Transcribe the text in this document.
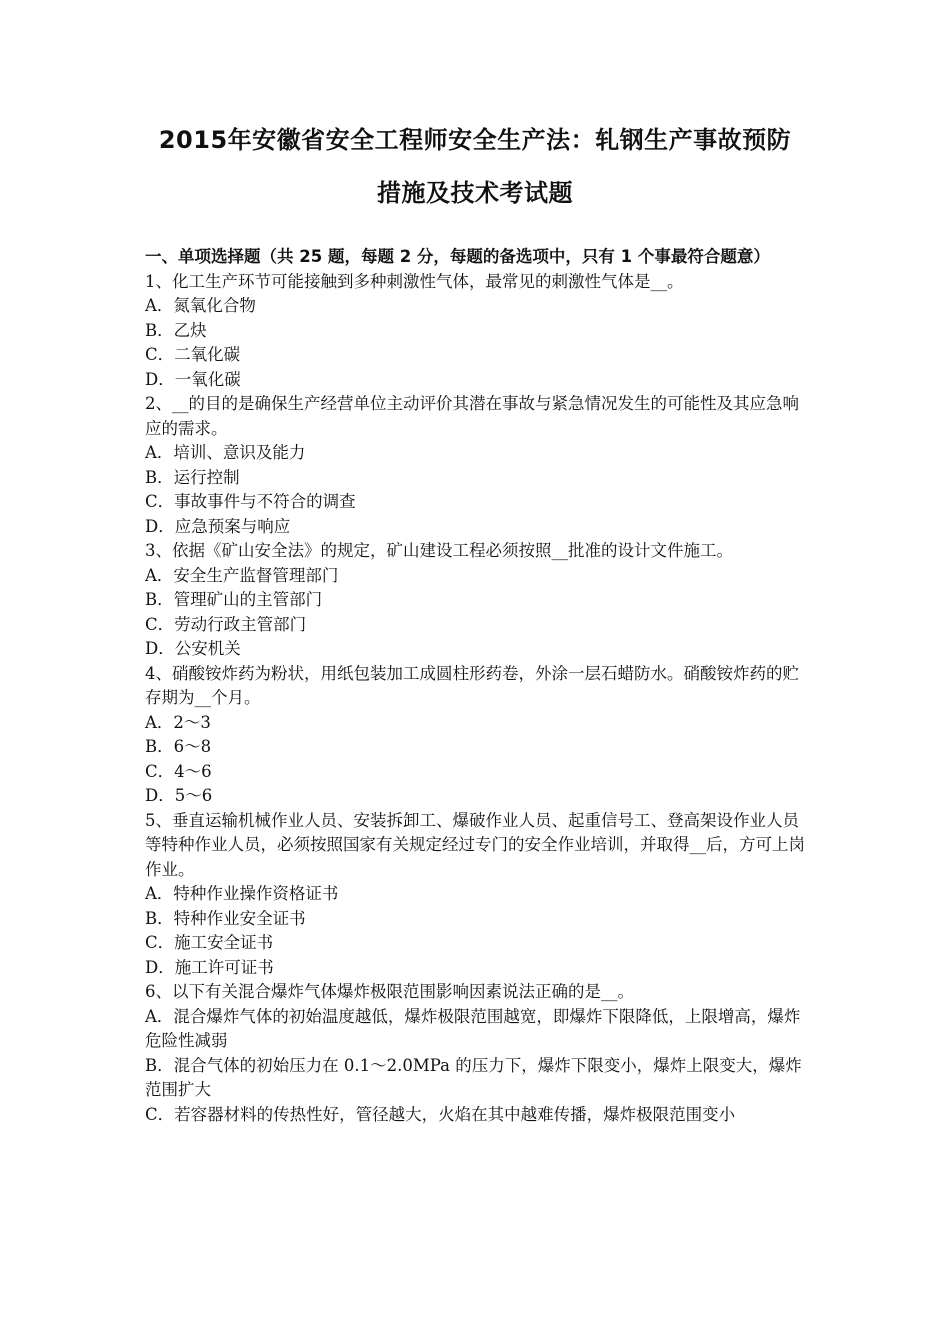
2015年安徽省安全工程师安全生产法：轧钢生产事故预防
措施及技术考试题

一、单项选择题（共 25 题，每题 2 分，每题的备选项中，只有 1 个事最符合题意）

1、化工生产环节可能接触到多种刺激性气体，最常见的刺激性气体是__。

A．氮氧化合物

B．乙炔

C．二氧化碳

D．一氧化碳

2、__的目的是确保生产经营单位主动评价其潜在事故与紧急情况发生的可能性及其应急响应的需求。

A．培训、意识及能力

B．运行控制

C．事故事件与不符合的调查

D．应急预案与响应

3、依据《矿山安全法》的规定，矿山建设工程必须按照__批准的设计文件施工。

A．安全生产监督管理部门

B．管理矿山的主管部门

C．劳动行政主管部门

D．公安机关

4、硝酸铵炸药为粉状，用纸包装加工成圆柱形药卷，外涂一层石蜡防水。硝酸铵炸药的贮存期为__个月。

A．2～3

B．6～8

C．4～6

D．5～6

5、垂直运输机械作业人员、安装拆卸工、爆破作业人员、起重信号工、登高架设作业人员等特种作业人员，必须按照国家有关规定经过专门的安全作业培训，并取得__后，方可上岗作业。

A．特种作业操作资格证书

B．特种作业安全证书

C．施工安全证书

D．施工许可证书

6、以下有关混合爆炸气体爆炸极限范围影响因素说法正确的是__。

A．混合爆炸气体的初始温度越低，爆炸极限范围越宽，即爆炸下限降低，上限增高，爆炸危险性减弱

B．混合气体的初始压力在 0.1～2.0MPa 的压力下，爆炸下限变小，爆炸上限变大，爆炸范围扩大

C．若容器材料的传热性好，管径越大，火焰在其中越难传播，爆炸极限范围变小
